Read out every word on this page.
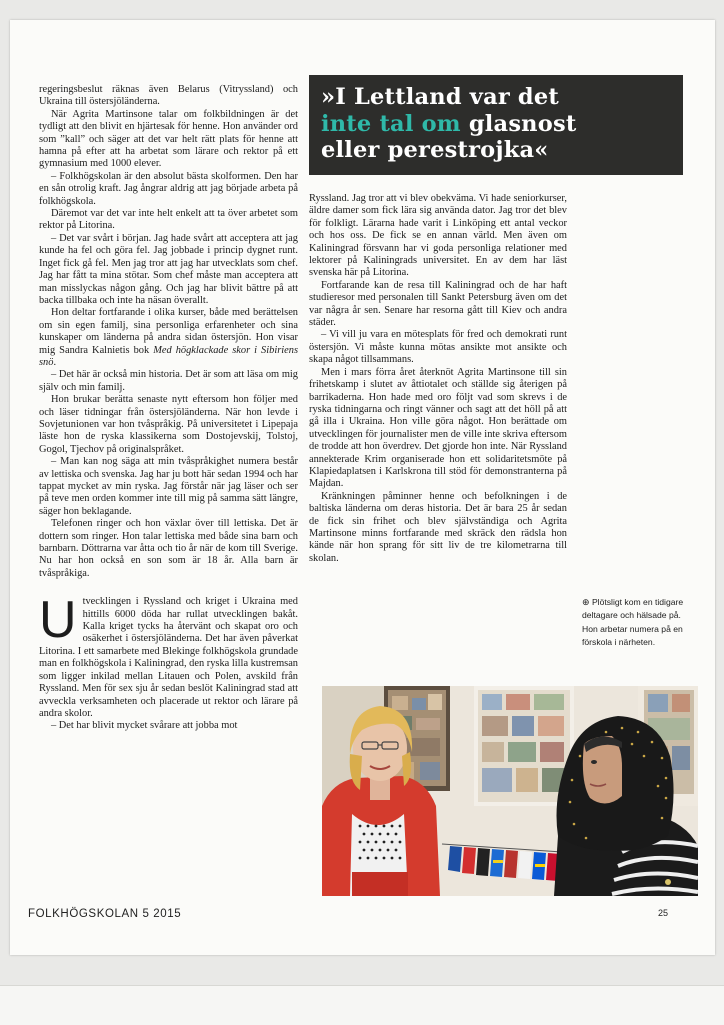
regeringsbeslut räknas även Belarus (Vitryssland) och Ukraina till östersjöländerna.

När Agrita Martinsone talar om folkbildningen är det tydligt att den blivit en hjärtesak för henne. Hon använder ord som ”kall” och säger att det var helt rätt plats för henne att hamna på efter att ha arbetat som lärare och rektor på ett gymnasium med 1000 elever.

– Folkhögskolan är den absolut bästa skolformen. Den har en sån otrolig kraft. Jag ångrar aldrig att jag började arbeta på folkhögskola.

Däremot var det var inte helt enkelt att ta över arbetet som rektor på Litorina.

– Det var svårt i början. Jag hade svårt att acceptera att jag kunde ha fel och göra fel. Jag jobbade i princip dygnet runt. Inget fick gå fel. Men jag tror att jag har utvecklats som chef. Jag har fått ta mina stötar. Som chef måste man acceptera att man misslyckas någon gång. Och jag har blivit bättre på att backa tillbaka och inte ha näsan överallt.

Hon deltar fortfarande i olika kurser, både med berättelsen om sin egen familj, sina personliga erfarenheter och sina kunskaper om länderna på andra sidan östersjön. Hon visar mig Sandra Kalnietis bok Med högklackade skor i Sibiriens snö.

– Det här är också min historia. Det är som att läsa om mig själv och min familj.

Hon brukar berätta senaste nytt eftersom hon följer med och läser tidningar från östersjöländerna. När hon levde i Sovjetunionen var hon tvåspråkig. På universitetet i Lipepaja läste hon de ryska klassikerna som Dostojevskij, Tolstoj, Gogol, Tjechov på originalspråket.

– Man kan nog säga att min tvåspråkighet numera består av lettiska och svenska. Jag har ju bott här sedan 1994 och har tappat mycket av min ryska. Jag förstår när jag läser och ser på teve men orden kommer inte till mig på samma sätt längre, säger hon beklagande.

Telefonen ringer och hon växlar över till lettiska. Det är dottern som ringer. Hon talar lettiska med både sina barn och barnbarn. Döttrarna var åtta och tio år när de kom till Sverige. Nu har hon också en son som är 18 år. Alla barn är tvåspråkiga.

Utvecklingen i Ryssland och kriget i Ukraina med hittills 6000 döda har rullat utvecklingen bakåt. Kalla kriget tycks ha återvänt och skapat oro och osäkerhet i östersjöländerna. Det har även påverkat Litorina. I ett samarbete med Blekinge folkhögskola grundade man en folkhögskola i Kaliningrad, den ryska lilla kustremsan som ligger inkilad mellan Litauen och Polen, avskild från Ryssland. Men för sex sju år sedan beslöt Kaliningrad stad att avveckla verksamheten och placerade ut rektor och lärare på andra skolor.

– Det har blivit mycket svårare att jobba mot

»I Lettland var det
inte tal om glasnost
eller perestrojka«

Ryssland. Jag tror att vi blev obekväma. Vi hade seniorkurser, äldre damer som fick lära sig använda dator. Jag tror det blev för folkligt. Lärarna hade varit i Linköping ett antal veckor och hos oss. De fick se en annan värld. Men även om Kaliningrad försvann har vi goda personliga relationer med lektorer på Kaliningrads universitet. En av dem har läst svenska här på Litorina.

Fortfarande kan de resa till Kaliningrad och de har haft studieresor med personalen till Sankt Petersburg även om det var några år sen. Senare har resorna gått till Kiev och andra städer.

– Vi vill ju vara en mötesplats för fred och demokrati runt östersjön. Vi måste kunna mötas ansikte mot ansikte och skapa något tillsammans.

Men i mars förra året återknöt Agrita Martinsone till sin frihetskamp i slutet av åttiotalet och ställde sig återigen på barrikaderna. Hon hade med oro följt vad som skrevs i de ryska tidningarna och ringt vänner och sagt att det höll på att gå illa i Ukraina. Hon ville göra något. Hon berättade om utvecklingen för journalister men de ville inte skriva eftersom de trodde att hon överdrev. Det gjorde hon inte. När Ryssland annekterade Krim organiserade hon ett solidaritetsmöte på Klapiedaplatsen i Karlskrona till stöd för demonstranterna på Majdan.

Kränkningen påminner henne och befolkningen i de baltiska länderna om deras historia. Det är bara 25 år sedan de fick sin frihet och blev självständiga och Agrita Martinsone minns fortfarande med skräck den rädsla hon kände när hon sprang för sitt liv de tre kilometrarna till skolan.

⊕ Plötsligt kom en tidigare deltagare och hälsade på. Hon arbetar numera på en förskola i närheten.
FOLKHÖGSKOLAN 5 2015	25
